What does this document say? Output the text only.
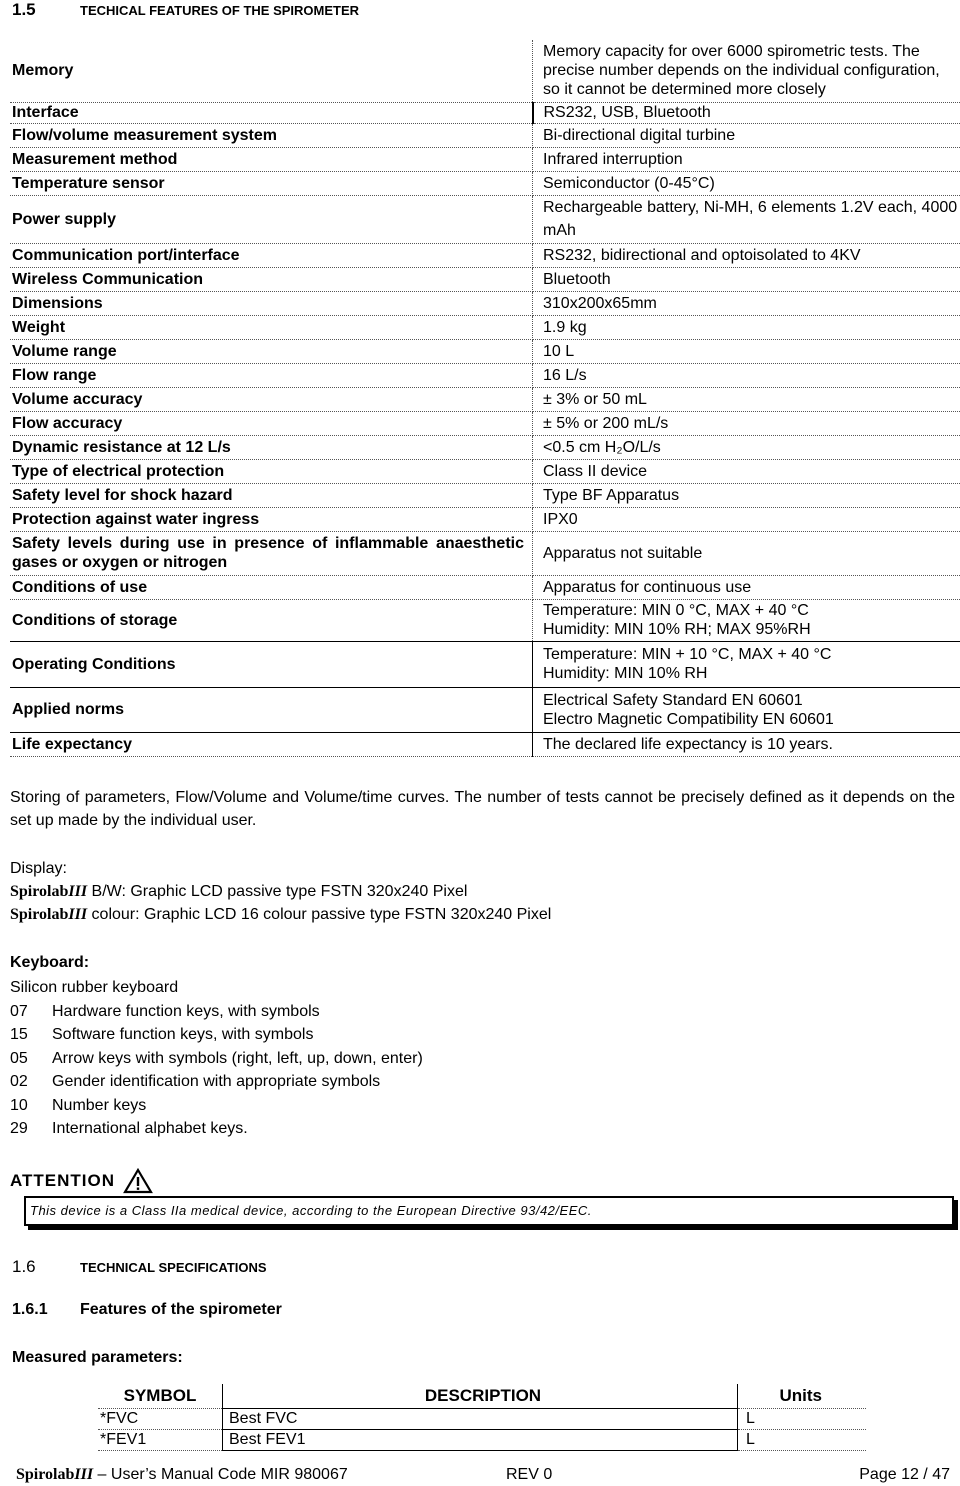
1.5	TECHICAL FEATURES OF THE SPIROMETER
Memory	Memory capacity for over 6000 spirometric tests. The precise number depends on the individual configuration, so it cannot be determined more closely
Interface	RS232, USB, Bluetooth
Flow/volume measurement system	Bi-directional digital turbine
Measurement method	Infrared interruption
Temperature sensor	Semiconductor (0-45°C)
Power supply	Rechargeable battery, Ni-MH, 6 elements 1.2V each, 4000 mAh
Communication port/interface	RS232, bidirectional and optoisolated to 4KV
Wireless Communication	Bluetooth
Dimensions	310x200x65mm
Weight	1.9 kg
Volume range	10 L
Flow range	16 L/s
Volume accuracy	± 3% or 50 mL
Flow accuracy	± 5% or 200 mL/s
Dynamic resistance at 12 L/s	<0.5 cm H₂O/L/s
Type of electrical protection	Class II device
Safety level for shock hazard	Type BF Apparatus
Protection against water ingress	IPX0
Safety levels during use in presence of inflammable anaesthetic gases or oxygen or nitrogen	Apparatus not suitable
Conditions of use	Apparatus for continuous use
Conditions of storage	Temperature: MIN 0 °C, MAX + 40 °C
Humidity: MIN 10% RH; MAX 95%RH

Operating Conditions	Temperature: MIN + 10 °C, MAX + 40 °C
Humidity: MIN 10% RH

Applied norms	Electrical Safety Standard EN 60601
Electro Magnetic Compatibility EN 60601

Life expectancy	The declared life expectancy is 10 years.
Storing of parameters, Flow/Volume and Volume/time curves. The number of tests cannot be precisely defined as it depends on the set up made by the individual user.
Display:
SpirolabIII B/W: Graphic LCD passive type FSTN 320x240 Pixel
SpirolabIII colour: Graphic LCD 16 colour passive type FSTN 320x240 Pixel
Keyboard:
Silicon rubber keyboard
07	Hardware function keys, with symbols
15	Software function keys, with symbols
05	Arrow keys with symbols (right, left, up, down, enter)
02	Gender identification with appropriate symbols
10	Number keys
29	International alphabet keys.
ATTENTION
This device is a Class IIa medical device, according to the European Directive 93/42/EEC.
1.6	TECHNICAL SPECIFICATIONS
1.6.1 Features of the spirometer
Measured parameters:
SYMBOL	DESCRIPTION	Units
*FVC	Best FVC	L
*FEV1	Best FEV1	L
SpirolabIII – User’s Manual Code MIR 980067	REV 0	Page 12 / 47
